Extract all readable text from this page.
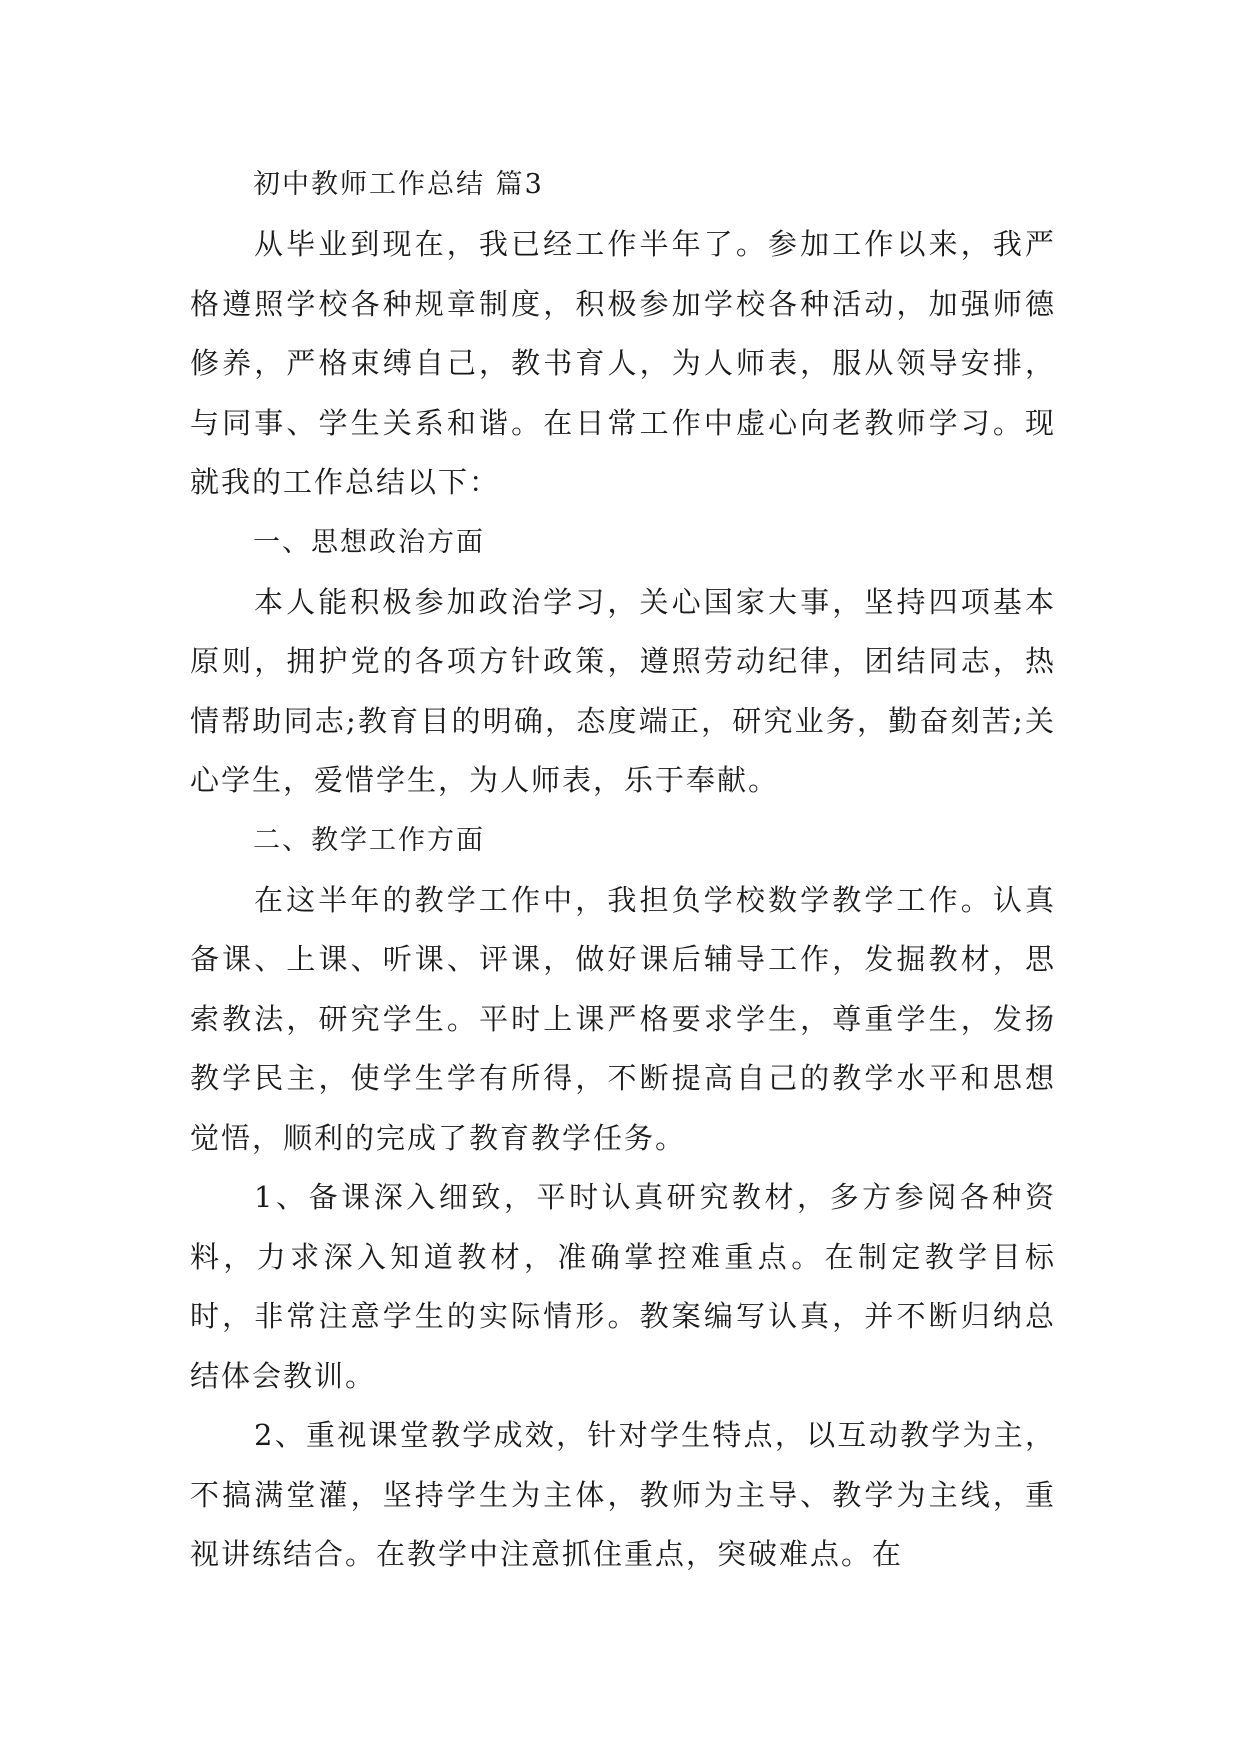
初中教师工作总结 篇3

从毕业到现在，我已经工作半年了。参加工作以来，我严格遵照学校各种规章制度，积极参加学校各种活动，加强师德修养，严格束缚自己，教书育人，为人师表，服从领导安排，与同事、学生关系和谐。在日常工作中虚心向老教师学习。现就我的工作总结以下：

一、思想政治方面

本人能积极参加政治学习，关心国家大事，坚持四项基本原则，拥护党的各项方针政策，遵照劳动纪律，团结同志，热情帮助同志;教育目的明确，态度端正，研究业务，勤奋刻苦;关心学生，爱惜学生，为人师表，乐于奉献。

二、教学工作方面

在这半年的教学工作中，我担负学校数学教学工作。认真备课、上课、听课、评课，做好课后辅导工作，发掘教材，思索教法，研究学生。平时上课严格要求学生，尊重学生，发扬教学民主，使学生学有所得，不断提高自己的教学水平和思想觉悟，顺利的完成了教育教学任务。

1、备课深入细致，平时认真研究教材，多方参阅各种资料，力求深入知道教材，准确掌控难重点。在制定教学目标时，非常注意学生的实际情形。教案编写认真，并不断归纳总结体会教训。

2、重视课堂教学成效，针对学生特点，以互动教学为主，不搞满堂灌，坚持学生为主体，教师为主导、教学为主线，重视讲练结合。在教学中注意抓住重点，突破难点。在
